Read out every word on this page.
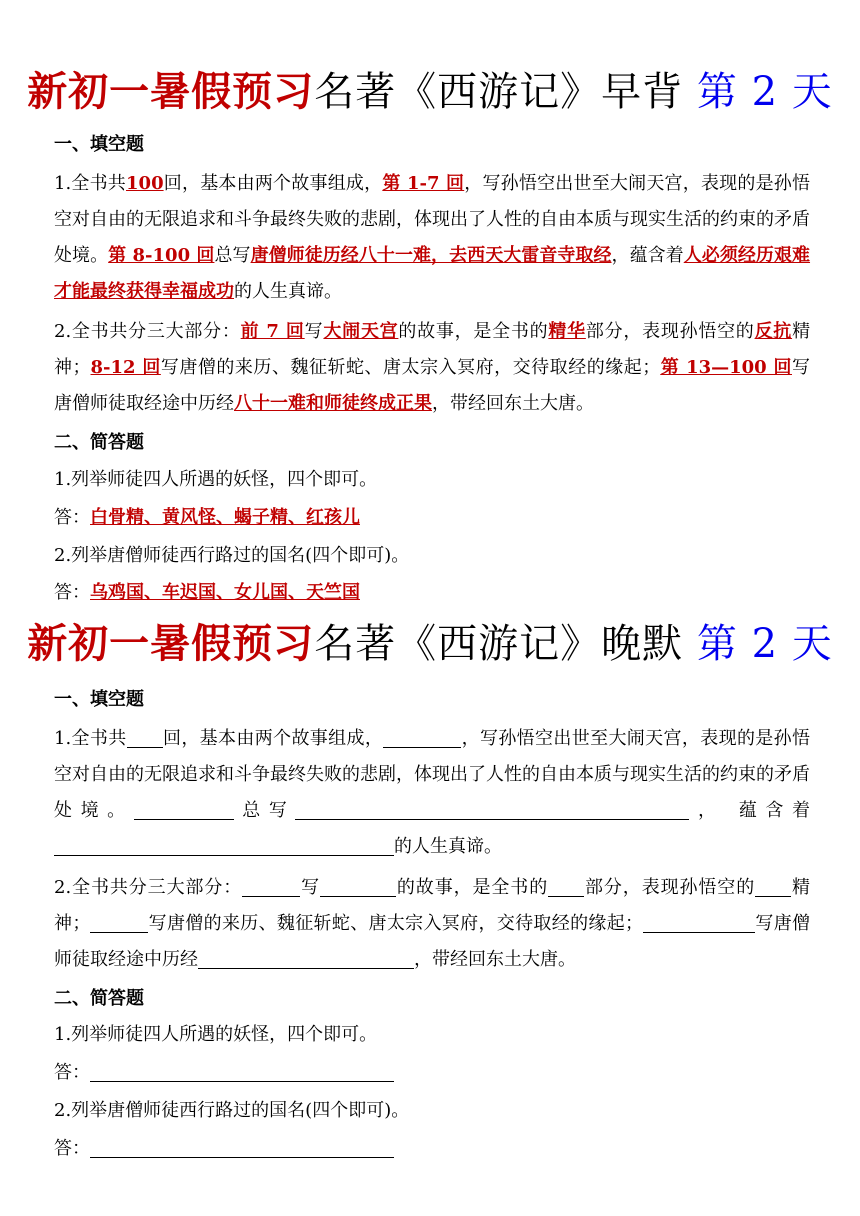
新初一暑假预习名著《西游记》早背 第 2 天
一、填空题
1.全书共100回，基本由两个故事组成，第 1-7 回，写孙悟空出世至大闹天宫，表现的是孙悟空对自由的无限追求和斗争最终失败的悲剧，体现出了人性的自由本质与现实生活的约束的矛盾处境。第 8-100 回总写唐僧师徒历经八十一难，去西天大雷音寺取经，蕴含着人必须经历艰难才能最终获得幸福成功的人生真谛。
2.全书共分三大部分：前 7 回写大闹天宫的故事，是全书的精华部分，表现孙悟空的反抗精神；8-12 回写唐僧的来历、魏征斩蛇、唐太宗入冥府，交待取经的缘起；第 13—100 回写唐僧师徒取经途中历经八十一难和师徒终成正果，带经回东土大唐。
二、简答题
1.列举师徒四人所遇的妖怪，四个即可。
答：白骨精、黄风怪、蝎子精、红孩儿
2.列举唐僧师徒西行路过的国名(四个即可)。
答：乌鸡国、车迟国、女儿国、天竺国
新初一暑假预习名著《西游记》晚默 第 2 天
一、填空题
1.全书共 回，基本由两个故事组成，	，写孙悟空出世至大闹天宫，表现的是孙悟空对自由的无限追求和斗争最终失败的悲剧，体现出了人性的自由本质与现实生活的约束的矛盾处境。	总写	， 蕴含着的人生真谛。
2.全书共分三大部分：	写	的故事，是全书的 部分，表现孙悟空的 精神；	写唐僧的来历、魏征斩蛇、唐太宗入冥府，交待取经的缘起；	写唐僧师徒取经途中历经	，带经回东土大唐。
二、简答题
1.列举师徒四人所遇的妖怪，四个即可。
答：
2.列举唐僧师徒西行路过的国名(四个即可)。
答：
